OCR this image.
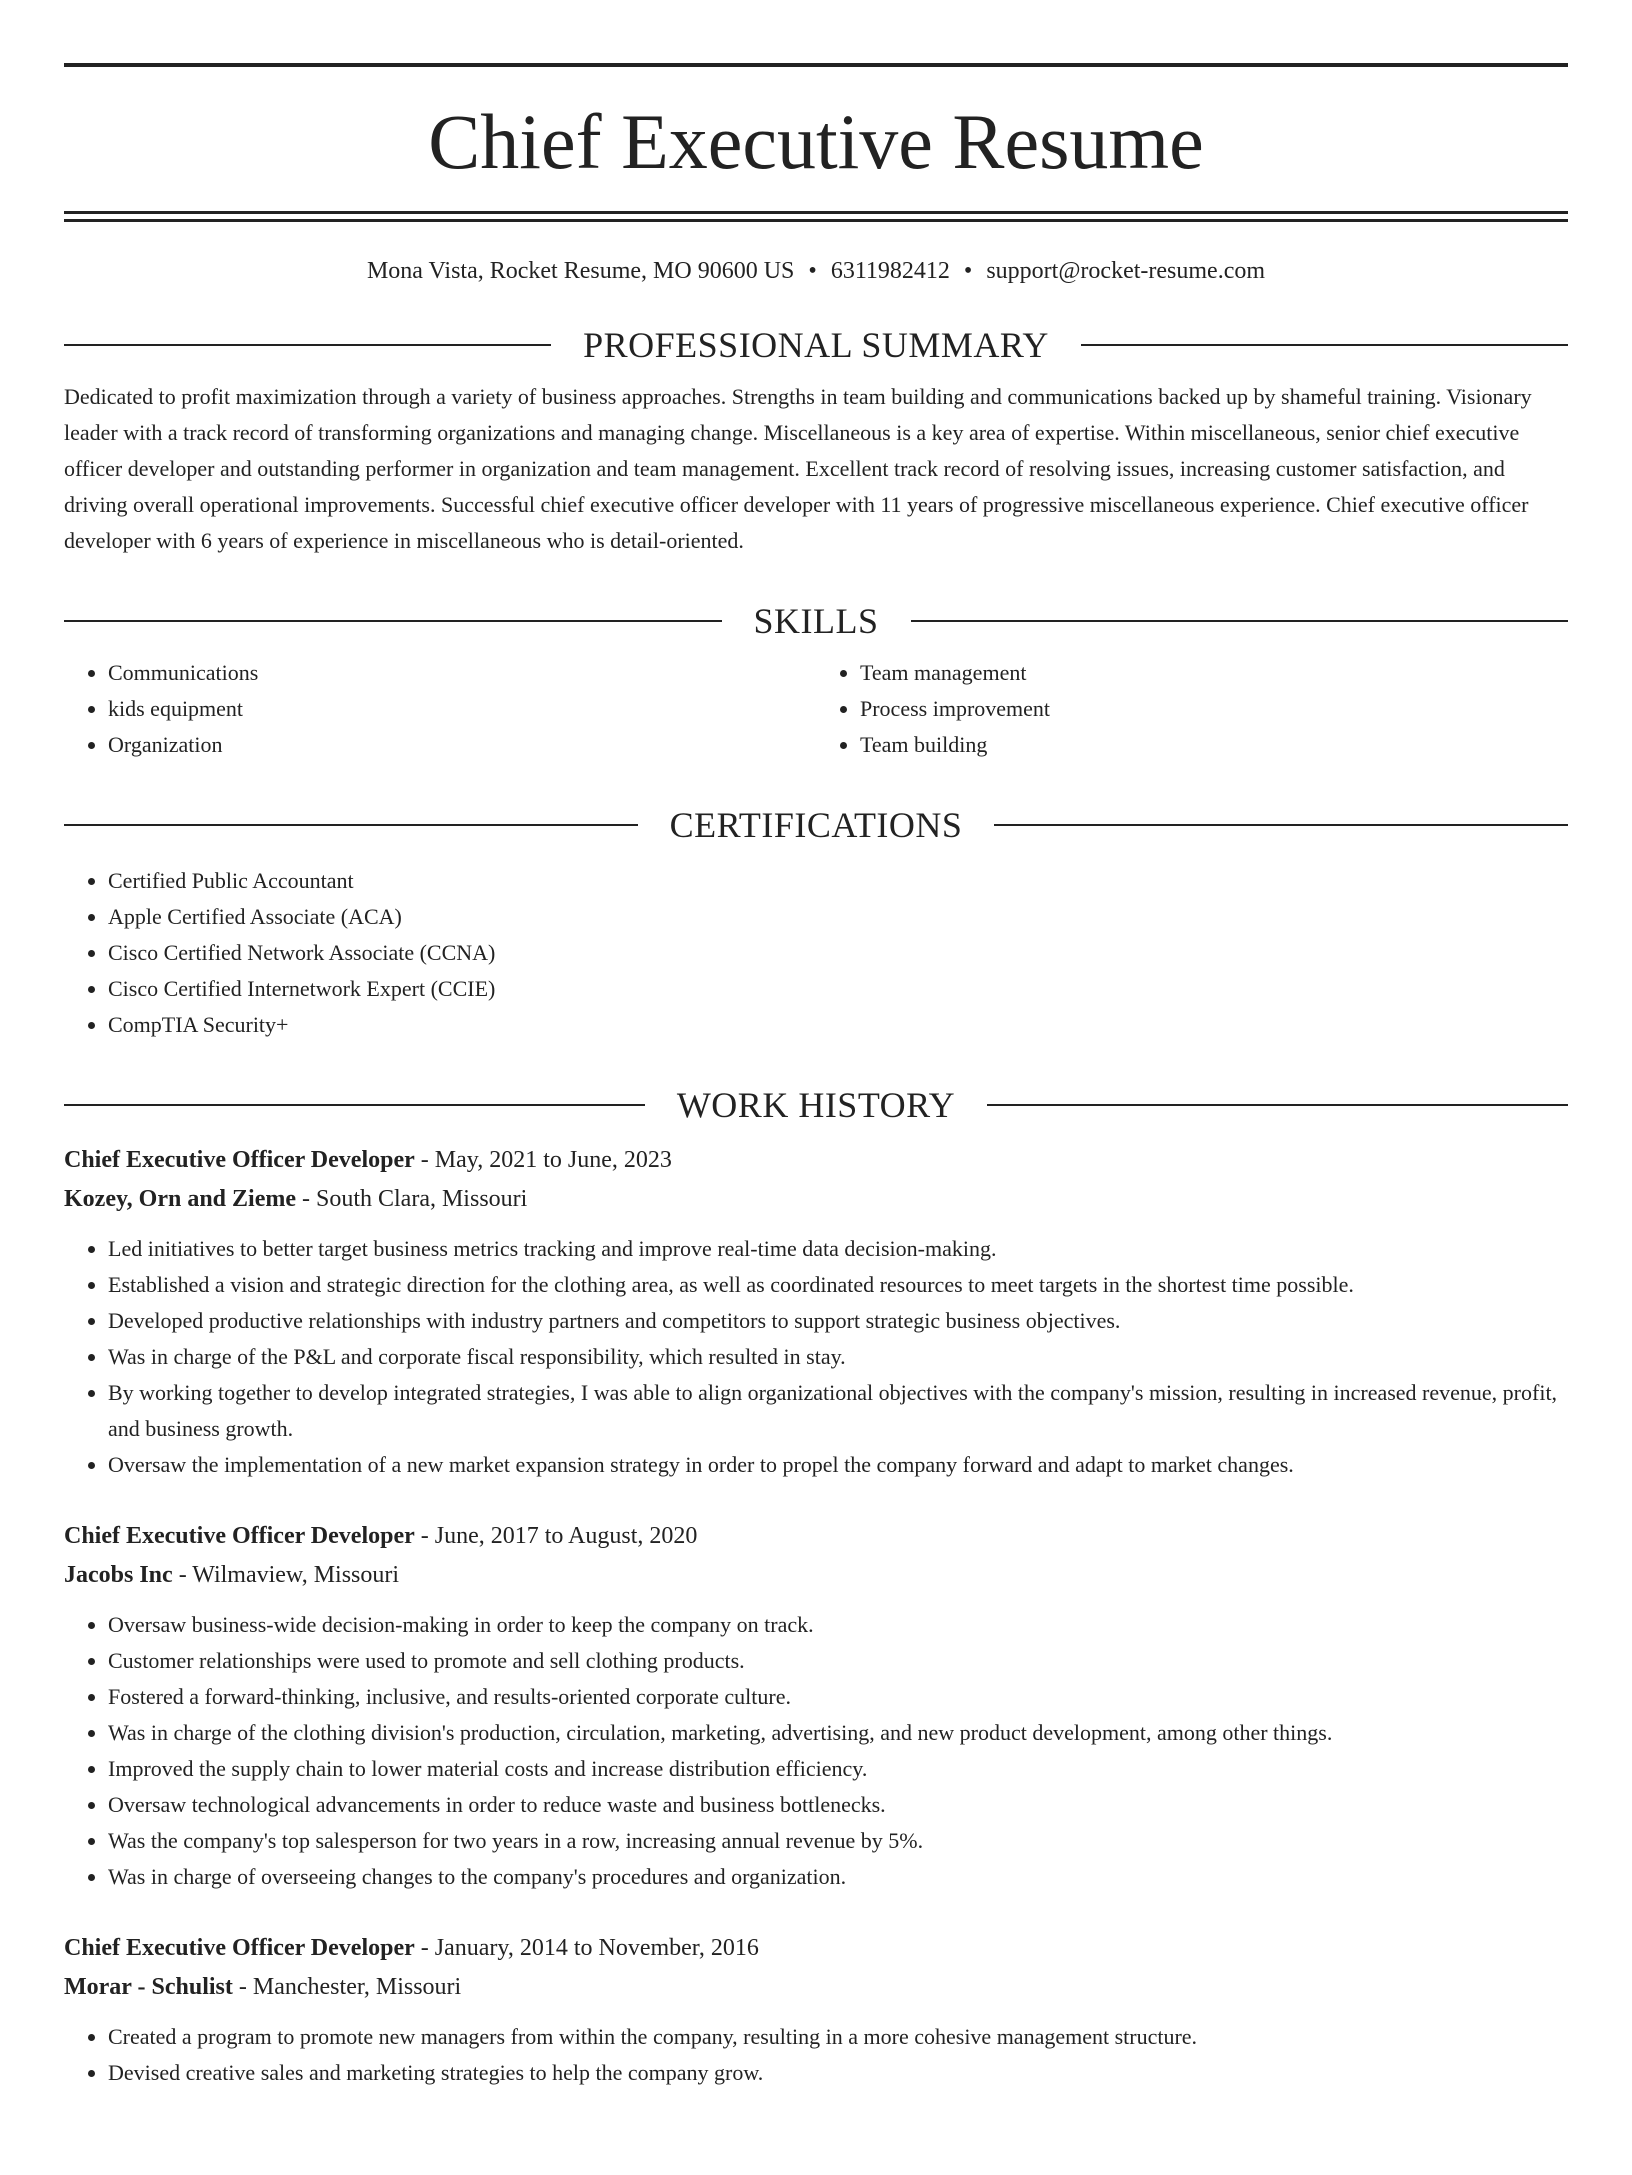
Chief Executive Resume
Mona Vista, Rocket Resume, MO 90600 US • 6311982412 • support@rocket-resume.com
PROFESSIONAL SUMMARY
Dedicated to profit maximization through a variety of business approaches. Strengths in team building and communications backed up by shameful training. Visionary leader with a track record of transforming organizations and managing change. Miscellaneous is a key area of expertise. Within miscellaneous, senior chief executive officer developer and outstanding performer in organization and team management. Excellent track record of resolving issues, increasing customer satisfaction, and driving overall operational improvements. Successful chief executive officer developer with 11 years of progressive miscellaneous experience. Chief executive officer developer with 6 years of experience in miscellaneous who is detail-oriented.
SKILLS
• Communications
• kids equipment
• Organization
• Team management
• Process improvement
• Team building
CERTIFICATIONS
• Certified Public Accountant
• Apple Certified Associate (ACA)
• Cisco Certified Network Associate (CCNA)
• Cisco Certified Internetwork Expert (CCIE)
• CompTIA Security+
WORK HISTORY
Chief Executive Officer Developer - May, 2021 to June, 2023
Kozey, Orn and Zieme - South Clara, Missouri
• Led initiatives to better target business metrics tracking and improve real-time data decision-making.
• Established a vision and strategic direction for the clothing area, as well as coordinated resources to meet targets in the shortest time possible.
• Developed productive relationships with industry partners and competitors to support strategic business objectives.
• Was in charge of the P&L and corporate fiscal responsibility, which resulted in stay.
• By working together to develop integrated strategies, I was able to align organizational objectives with the company's mission, resulting in increased revenue, profit, and business growth.
• Oversaw the implementation of a new market expansion strategy in order to propel the company forward and adapt to market changes.
Chief Executive Officer Developer - June, 2017 to August, 2020
Jacobs Inc - Wilmaview, Missouri
• Oversaw business-wide decision-making in order to keep the company on track.
• Customer relationships were used to promote and sell clothing products.
• Fostered a forward-thinking, inclusive, and results-oriented corporate culture.
• Was in charge of the clothing division's production, circulation, marketing, advertising, and new product development, among other things.
• Improved the supply chain to lower material costs and increase distribution efficiency.
• Oversaw technological advancements in order to reduce waste and business bottlenecks.
• Was the company's top salesperson for two years in a row, increasing annual revenue by 5%.
• Was in charge of overseeing changes to the company's procedures and organization.
Chief Executive Officer Developer - January, 2014 to November, 2016
Morar - Schulist - Manchester, Missouri
• Created a program to promote new managers from within the company, resulting in a more cohesive management structure.
• Devised creative sales and marketing strategies to help the company grow.
